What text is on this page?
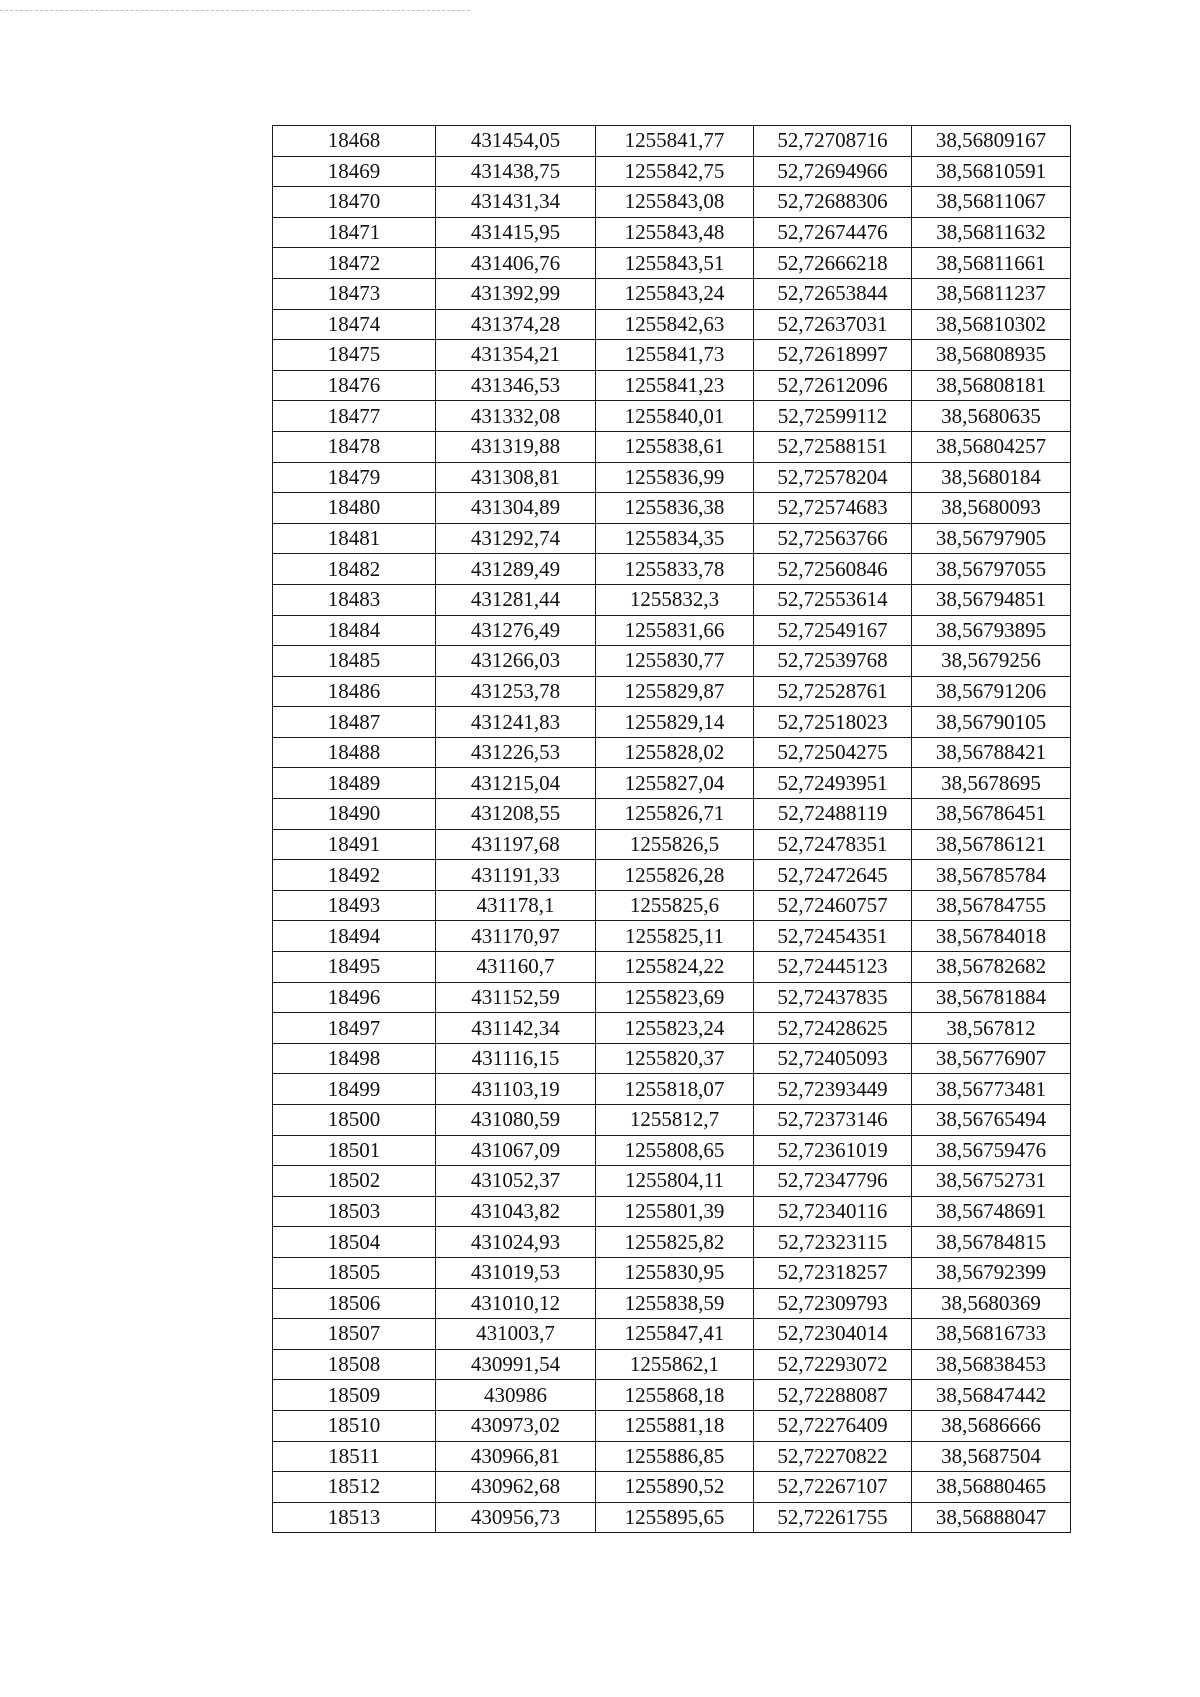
18468	431454,05	1255841,77	52,72708716	38,56809167
18469	431438,75	1255842,75	52,72694966	38,56810591
18470	431431,34	1255843,08	52,72688306	38,56811067
18471	431415,95	1255843,48	52,72674476	38,56811632
18472	431406,76	1255843,51	52,72666218	38,56811661
18473	431392,99	1255843,24	52,72653844	38,56811237
18474	431374,28	1255842,63	52,72637031	38,56810302
18475	431354,21	1255841,73	52,72618997	38,56808935
18476	431346,53	1255841,23	52,72612096	38,56808181
18477	431332,08	1255840,01	52,72599112	38,5680635
18478	431319,88	1255838,61	52,72588151	38,56804257
18479	431308,81	1255836,99	52,72578204	38,5680184
18480	431304,89	1255836,38	52,72574683	38,5680093
18481	431292,74	1255834,35	52,72563766	38,56797905
18482	431289,49	1255833,78	52,72560846	38,56797055
18483	431281,44	1255832,3	52,72553614	38,56794851
18484	431276,49	1255831,66	52,72549167	38,56793895
18485	431266,03	1255830,77	52,72539768	38,5679256
18486	431253,78	1255829,87	52,72528761	38,56791206
18487	431241,83	1255829,14	52,72518023	38,56790105
18488	431226,53	1255828,02	52,72504275	38,56788421
18489	431215,04	1255827,04	52,72493951	38,5678695
18490	431208,55	1255826,71	52,72488119	38,56786451
18491	431197,68	1255826,5	52,72478351	38,56786121
18492	431191,33	1255826,28	52,72472645	38,56785784
18493	431178,1	1255825,6	52,72460757	38,56784755
18494	431170,97	1255825,11	52,72454351	38,56784018
18495	431160,7	1255824,22	52,72445123	38,56782682
18496	431152,59	1255823,69	52,72437835	38,56781884
18497	431142,34	1255823,24	52,72428625	38,567812
18498	431116,15	1255820,37	52,72405093	38,56776907
18499	431103,19	1255818,07	52,72393449	38,56773481
18500	431080,59	1255812,7	52,72373146	38,56765494
18501	431067,09	1255808,65	52,72361019	38,56759476
18502	431052,37	1255804,11	52,72347796	38,56752731
18503	431043,82	1255801,39	52,72340116	38,56748691
18504	431024,93	1255825,82	52,72323115	38,56784815
18505	431019,53	1255830,95	52,72318257	38,56792399
18506	431010,12	1255838,59	52,72309793	38,5680369
18507	431003,7	1255847,41	52,72304014	38,56816733
18508	430991,54	1255862,1	52,72293072	38,56838453
18509	430986	1255868,18	52,72288087	38,56847442
18510	430973,02	1255881,18	52,72276409	38,5686666
18511	430966,81	1255886,85	52,72270822	38,5687504
18512	430962,68	1255890,52	52,72267107	38,56880465
18513	430956,73	1255895,65	52,72261755	38,56888047
